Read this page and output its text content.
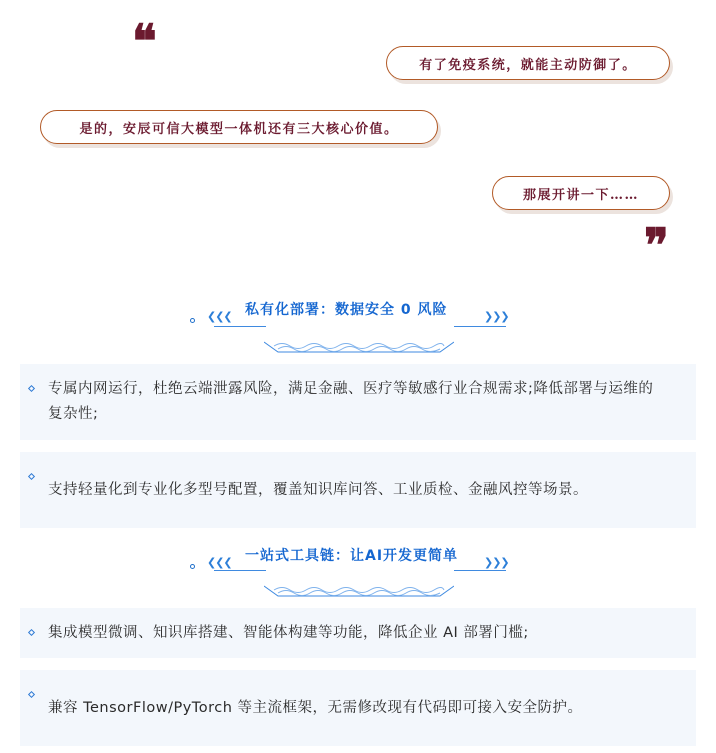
❝	有了免疫系统，就能主动防御了。
是的，安辰可信大模型一体机还有三大核心价值。
那展开讲一下……
❞
❮❮❮ 私有化部署：数据安全 0 风险	❯❯❯
专属内网运行，杜绝云端泄露风险，满足金融、医疗等敏感行业合规需求;降低部署与运维的复杂性;
支持轻量化到专业化多型号配置，覆盖知识库问答、工业质检、金融风控等场景。
❮❮❮ 一站式工具链：让AI开发更简单 ❯❯❯
集成模型微调、知识库搭建、智能体构建等功能，降低企业 AI 部署门槛;
兼容 TensorFlow/PyTorch 等主流框架，无需修改现有代码即可接入安全防护。
